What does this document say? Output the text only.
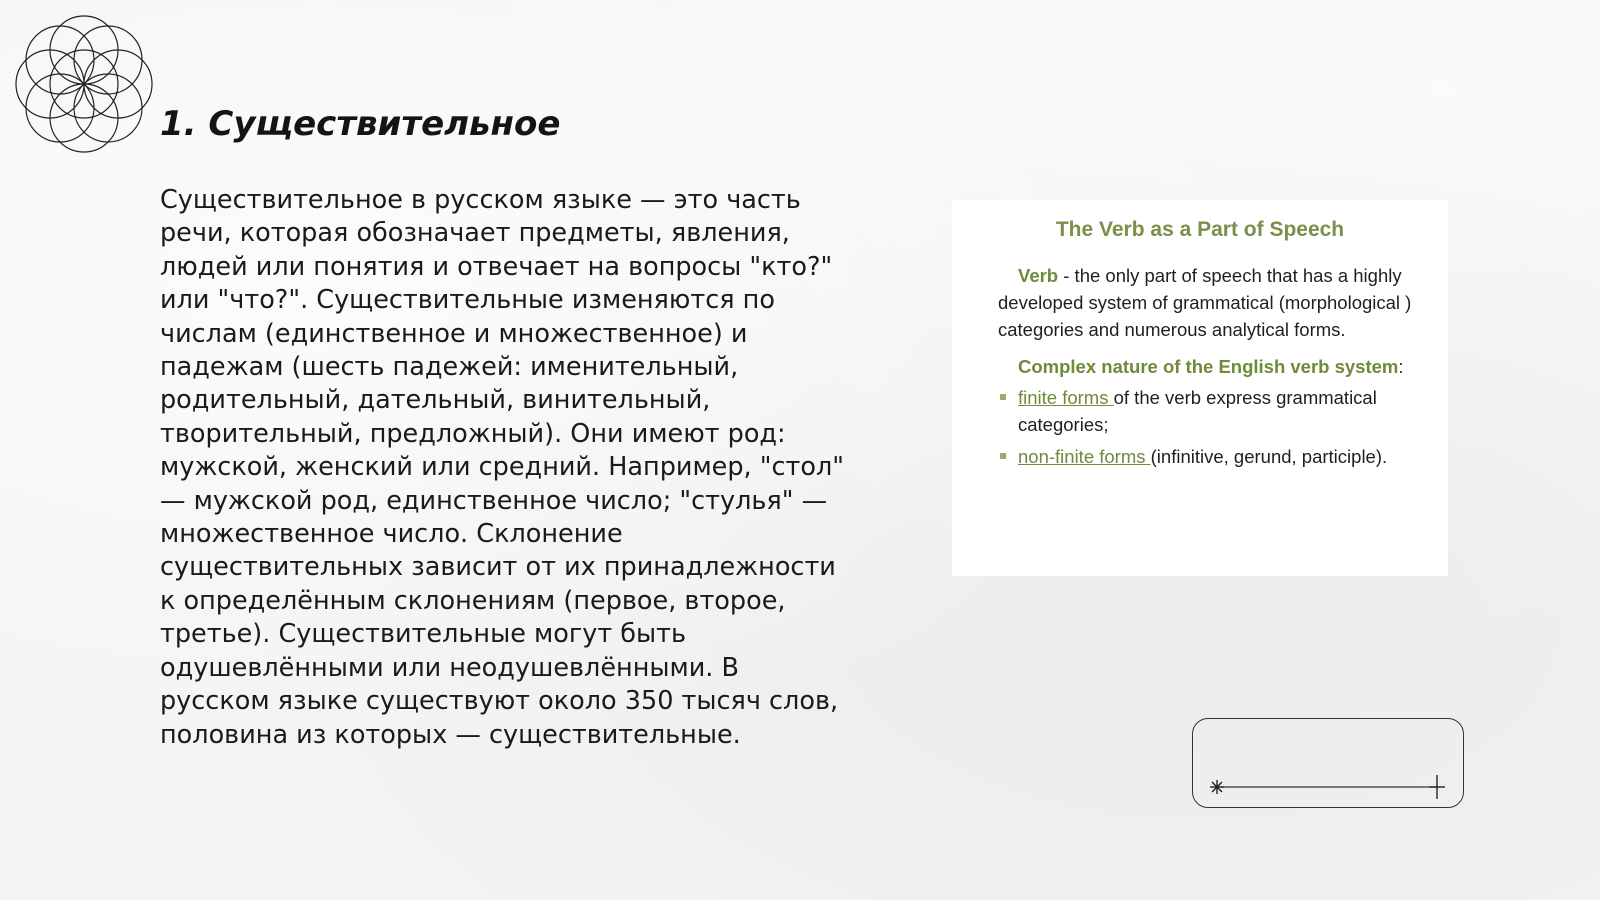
1. Существительное

Существительное в русском языке — это часть речи, которая обозначает предметы, явления, людей или понятия и отвечает на вопросы "кто?" или "что?". Существительные изменяются по числам (единственное и множественное) и падежам (шесть падежей: именительный, родительный, дательный, винительный, творительный, предложный). Они имеют род: мужской, женский или средний. Например, "стол" — мужской род, единственное число; "стулья" — множественное число. Склонение существительных зависит от их принадлежности к определённым склонениям (первое, второе, третье). Существительные могут быть одушевлёнными или неодушевлёнными. В русском языке существуют около 350 тысяч слов, половина из которых — существительные.

The Verb as a Part of Speech

Verb - the only part of speech that has a highly developed system of grammatical (morphological ) categories and numerous analytical forms.

Complex nature of the English verb system:
finite forms of the verb express grammatical categories;
non-finite forms (infinitive, gerund, participle).
